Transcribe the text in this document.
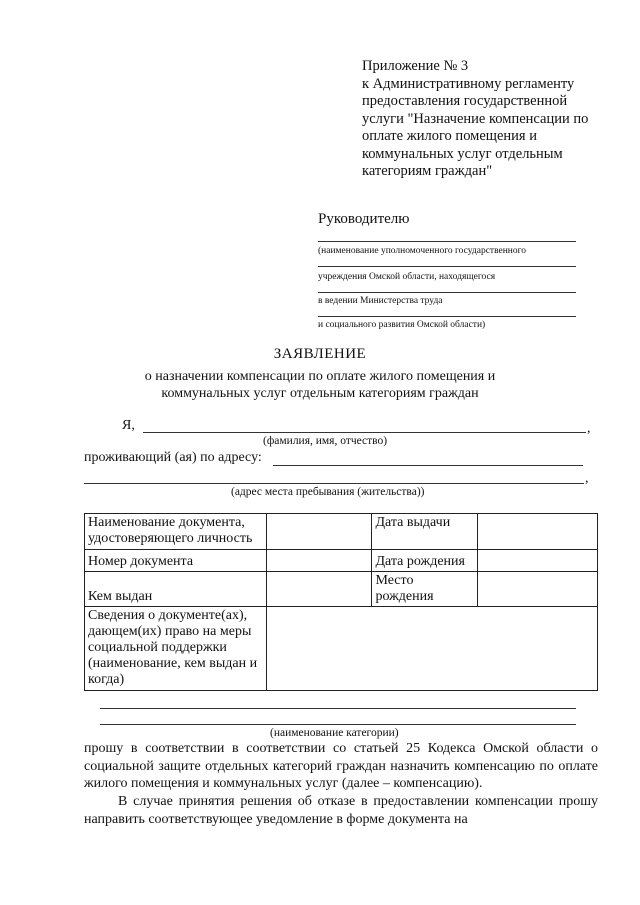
Приложение № 3
к Административному регламенту
предоставления государственной
услуги "Назначение компенсации по
оплате жилого помещения и
коммунальных услуг отдельным
категориям граждан"
Руководителю
(наименование уполномоченного государственного
учреждения Омской области, находящегося
в ведении Министерства труда
и социального развития Омской области)
ЗАЯВЛЕНИЕ
о назначении компенсации по оплате жилого помещения и
коммунальных услуг отдельным категориям граждан
Я,	,
(фамилия, имя, отчество)
проживающий (ая) по адресу:
,
(адрес места пребывания (жительства))
Наименование документа, удостоверяющего личность		Дата выдачи	
Номер документа		Дата рождения	
Кем выдан		Место рождения	
Сведения о документе(ах), дающем(их) право на меры социальной поддержки (наименование, кем выдан и когда)			
(наименование категории)
прошу в соответствии в соответствии со статьей 25 Кодекса Омской области о социальной защите отдельных категорий граждан назначить компенсацию по оплате жилого помещения и коммунальных услуг (далее – компенсацию).
В случае принятия решения об отказе в предоставлении компенсации прошу направить соответствующее уведомление в форме документа на
